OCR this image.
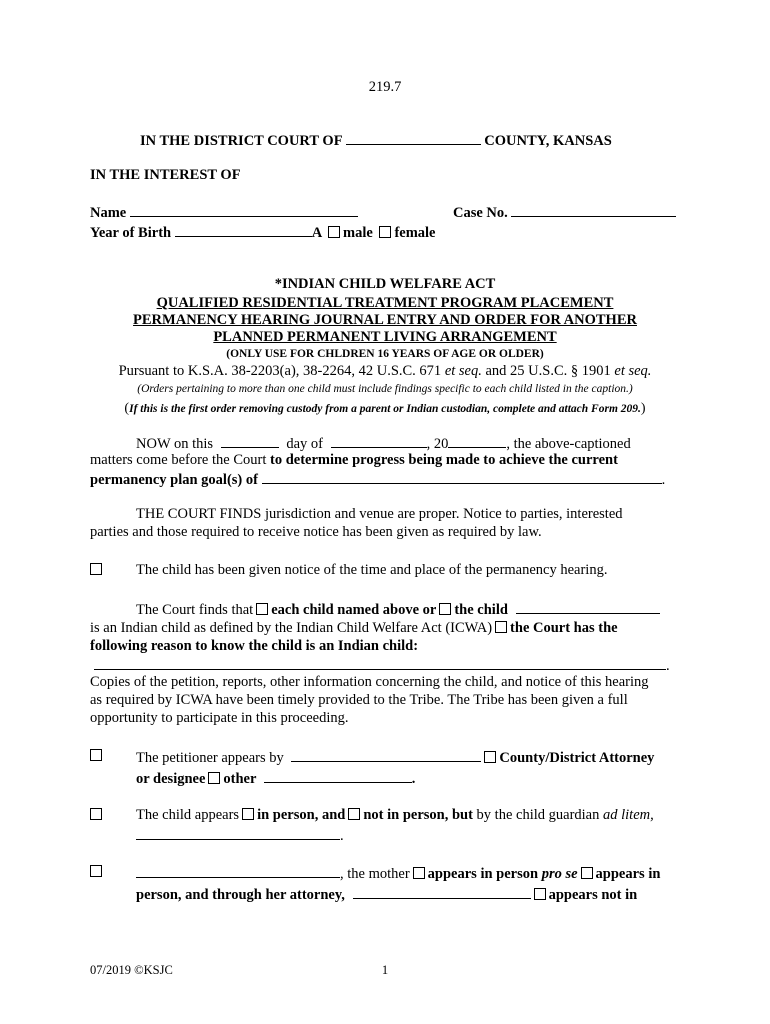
219.7
IN THE DISTRICT COURT OF	COUNTY, KANSAS
IN THE INTEREST OF
Name	Case No.
Year of Birth	A male female
*INDIAN CHILD WELFARE ACT
QUALIFIED RESIDENTIAL TREATMENT PROGRAM PLACEMENT
PERMANENCY HEARING JOURNAL ENTRY AND ORDER FOR ANOTHER
PLANNED PERMANENT LIVING ARRANGEMENT
(ONLY USE FOR CHLDREN 16 YEARS OF AGE OR OLDER)
Pursuant to K.S.A. 38-2203(a), 38-2264, 42 U.S.C. 671 et seq. and 25 U.S.C. § 1901 et seq.
(Orders pertaining to more than one child must include findings specific to each child listed in the caption.)
(If this is the first order removing custody from a parent or Indian custodian, complete and attach Form 209.)
NOW on this	day of	, 20	, the above-captioned
matters come before the Court to determine progress being made to achieve the current
permanency plan goal(s) of	.
THE COURT FINDS jurisdiction and venue are proper. Notice to parties, interested
parties and those required to receive notice has been given as required by law.
The child has been given notice of the time and place of the permanency hearing.
The Court finds that each child named above or the child
is an Indian child as defined by the Indian Child Welfare Act (ICWA) the Court has the
following reason to know the child is an Indian child:
.
Copies of the petition, reports, other information concerning the child, and notice of this hearing
as required by ICWA have been timely provided to the Tribe. The Tribe has been given a full
opportunity to participate in this proceeding.
The petitioner appears by	County/District Attorney
or designee other	.
The child appears in person, and not in person, but by the child guardian ad litem,
.
, the mother appears in person pro se appears in
person, and through her attorney,	appears not in
07/2019 ©KSJC	1
